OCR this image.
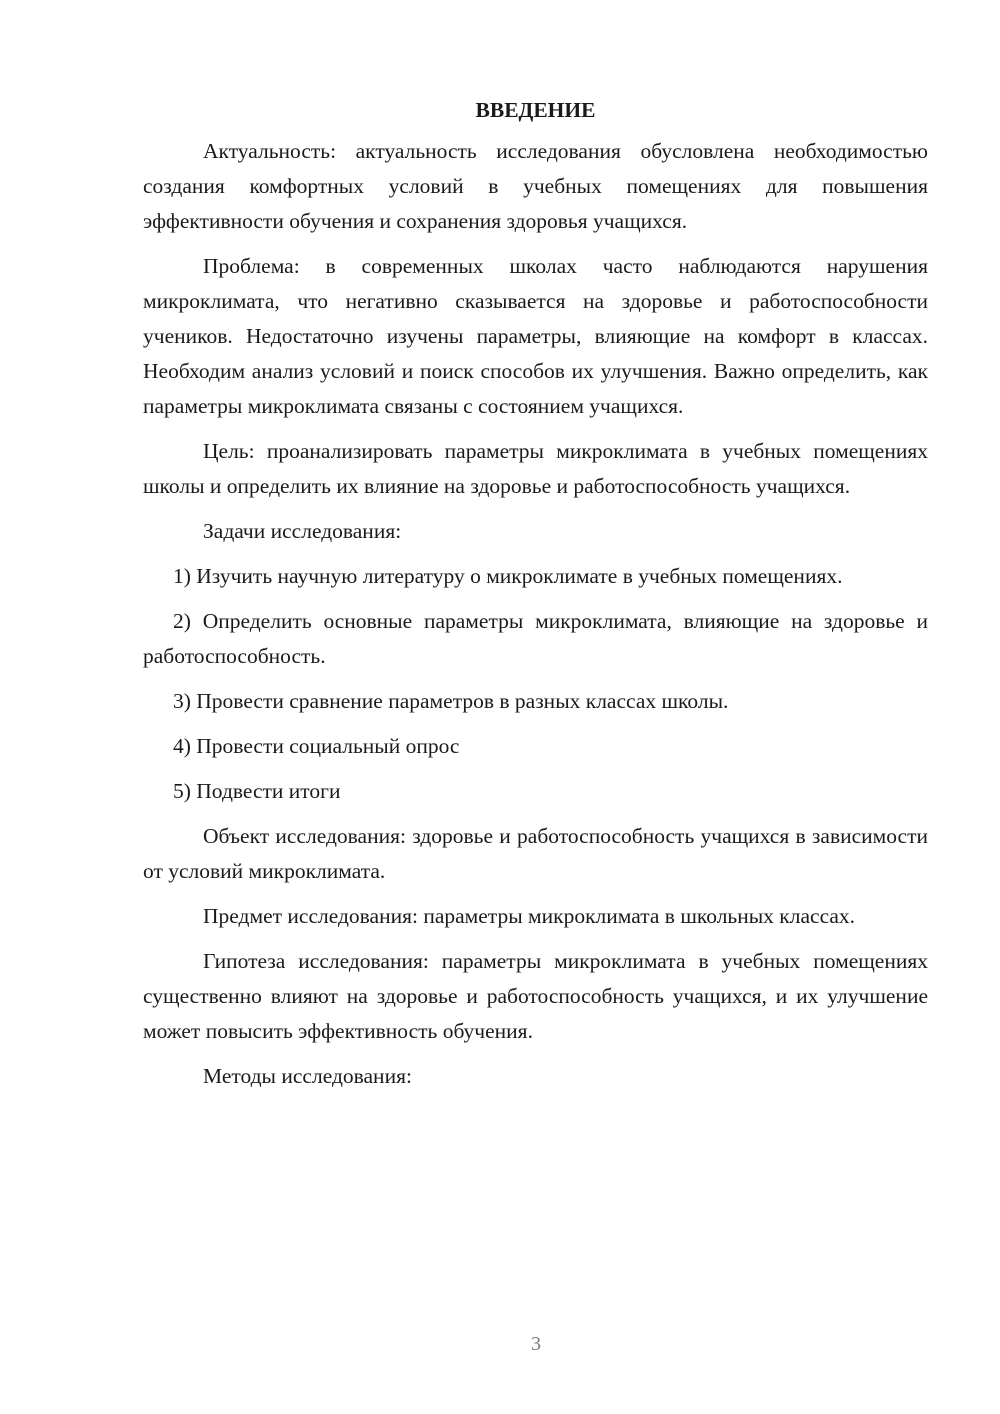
ВВЕДЕНИЕ

Актуальность: актуальность исследования обусловлена необходимостью создания комфортных условий в учебных помещениях для повышения эффективности обучения и сохранения здоровья учащихся.

Проблема: в современных школах часто наблюдаются нарушения микроклимата, что негативно сказывается на здоровье и работоспособности учеников. Недостаточно изучены параметры, влияющие на комфорт в классах. Необходим анализ условий и поиск способов их улучшения. Важно определить, как параметры микроклимата связаны с состоянием учащихся.

Цель: проанализировать параметры микроклимата в учебных помещениях школы и определить их влияние на здоровье и работоспособность учащихся.

Задачи исследования:

1) Изучить научную литературу о микроклимате в учебных помещениях.

2) Определить основные параметры микроклимата, влияющие на здоровье и работоспособность.

3) Провести сравнение параметров в разных классах школы.

4) Провести социальный опрос

5) Подвести итоги

Объект исследования: здоровье и работоспособность учащихся в зависимости от условий микроклимата.

Предмет исследования: параметры микроклимата в школьных классах.

Гипотеза исследования: параметры микроклимата в учебных помещениях существенно влияют на здоровье и работоспособность учащихся, и их улучшение может повысить эффективность обучения.

Методы исследования:

3
